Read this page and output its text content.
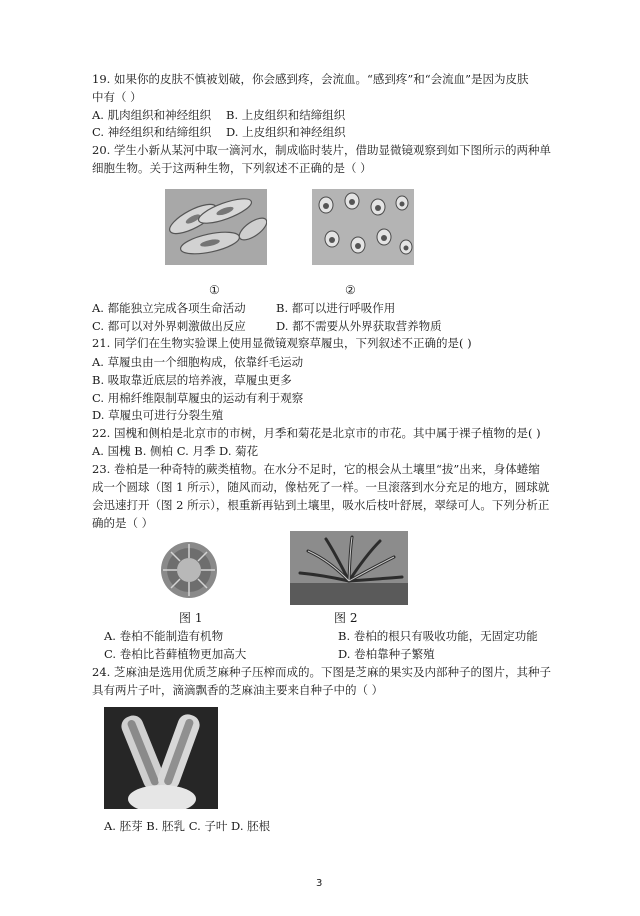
19. 如果你的皮肤不慎被划破，你会感到疼，会流血。“感到疼”和“会流血”是因为皮肤
中有（ ）
A. 肌肉组织和神经组织 B. 上皮组织和结缔组织
C. 神经组织和结缔组织 D. 上皮组织和神经组织
20. 学生小新从某河中取一滴河水，制成临时装片，借助显微镜观察到如下图所示的两种单
细胞生物。关于这两种生物，下列叙述不正确的是（ ）
①	②
A. 都能独立完成各项生命活动	B. 都可以进行呼吸作用
C. 都可以对外界刺激做出反应	D. 都不需要从外界获取营养物质
21. 同学们在生物实验课上使用显微镜观察草履虫，下列叙述不正确的是( )
A. 草履虫由一个细胞构成，依靠纤毛运动
B. 吸取靠近底层的培养液，草履虫更多
C. 用棉纤维限制草履虫的运动有利于观察
D. 草履虫可进行分裂生殖
22. 国槐和侧柏是北京市的市树，月季和菊花是北京市的市花。其中属于裸子植物的是( )
A. 国槐 B. 侧柏 C. 月季 D. 菊花
23. 卷柏是一种奇特的蕨类植物。在水分不足时，它的根会从土壤里“拔”出来，身体蜷缩
成一个圆球（图 1 所示），随风而动，像枯死了一样。一旦滚落到水分充足的地方，圆球就
会迅速打开（图 2 所示），根重新再钻到土壤里，吸水后枝叶舒展，翠绿可人。下列分析正
确的是（ ）
图 1	图 2
A. 卷柏不能制造有机物	B. 卷柏的根只有吸收功能，无固定功能
C. 卷柏比苔藓植物更加高大	D. 卷柏靠种子繁殖
24. 芝麻油是选用优质芝麻种子压榨而成的。下图是芝麻的果实及内部种子的图片，其种子
具有两片子叶，滴滴飘香的芝麻油主要来自种子中的（ ）
A. 胚芽 B. 胚乳 C. 子叶 D. 胚根
3
